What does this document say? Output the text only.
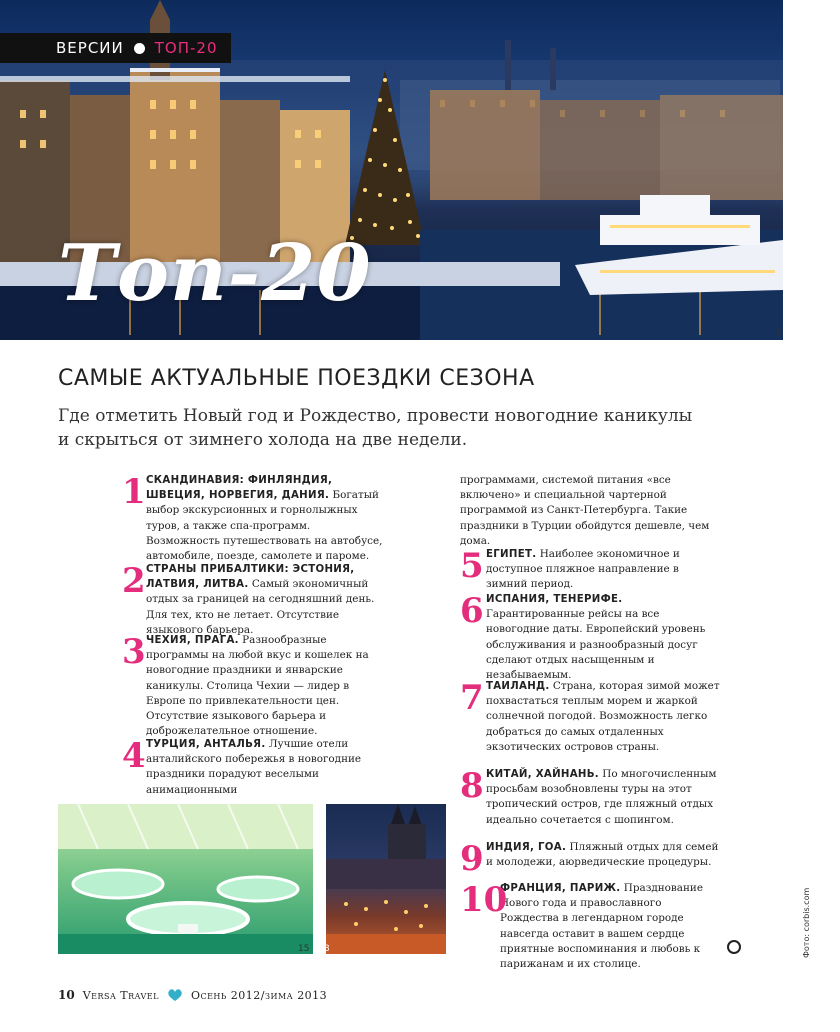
ВЕРСИИ ТОП-20
Топ-20
1
САМЫЕ АКТУАЛЬНЫЕ ПОЕЗДКИ СЕЗОНА
Где отметить Новый год и Рождество, провести новогодние каникулы
и скрыться от зимнего холода на две недели.
1 СКАНДИНАВИЯ: ФИНЛЯНДИЯ, ШВЕЦИЯ, НОРВЕГИЯ, ДАНИЯ. Богатый выбор экскурсионных и горнолыжных туров, а также спа-программ. Возможность путешествовать на автобусе, автомобиле, поезде, самолете и пароме.
2 СТРАНЫ ПРИБАЛТИКИ: ЭСТОНИЯ, ЛАТВИЯ, ЛИТВА. Самый экономичный отдых за границей на сегодняшний день. Для тех, кто не летает. Отсутствие языкового барьера.
3 ЧЕХИЯ, ПРАГА. Разнообразные программы на любой вкус и кошелек на новогодние праздники и январские каникулы. Столица Чехии — лидер в Европе по привлекательности цен. Отсутствие языкового барьера и доброжелательное отношение.
4 ТУРЦИЯ, АНТАЛЬЯ. Лучшие отели анталийского побережья в новогодние праздники порадуют веселыми анимационными
программами, системой питания «все включено» и специальной чартерной программой из Санкт-Петербурга. Такие праздники в Турции обойдутся дешевле, чем дома.
5 ЕГИПЕТ. Наиболее экономичное и доступное пляжное направление в зимний период.
6 ИСПАНИЯ, ТЕНЕРИФЕ. Гарантированные рейсы на все новогодние даты. Европейский уровень обслуживания и разнообразный досуг сделают отдых насыщенным и незабываемым.
7 ТАИЛАНД. Страна, которая зимой может похвастаться теплым морем и жаркой солнечной погодой. Возможность легко добраться до самых отдаленных экзотических островов страны.
8 КИТАЙ, ХАЙНАНЬ. По многочисленным просьбам возобновлены туры на этот тропический остров, где пляжный отдых идеально сочетается с шопингом.
9 ИНДИЯ, ГОА. Пляжный отдых для семей и молодежи, аюрведические процедуры.
10
ФРАНЦИЯ, ПАРИЖ. Празднование Нового года и православного Рождества в легендарном городе навсегда оставит в вашем сердце приятные воспоминания и любовь к парижанам и их столице.
15 3
10 Versa Travel	Осень 2012/зима 2013
Фото: corbis.com
